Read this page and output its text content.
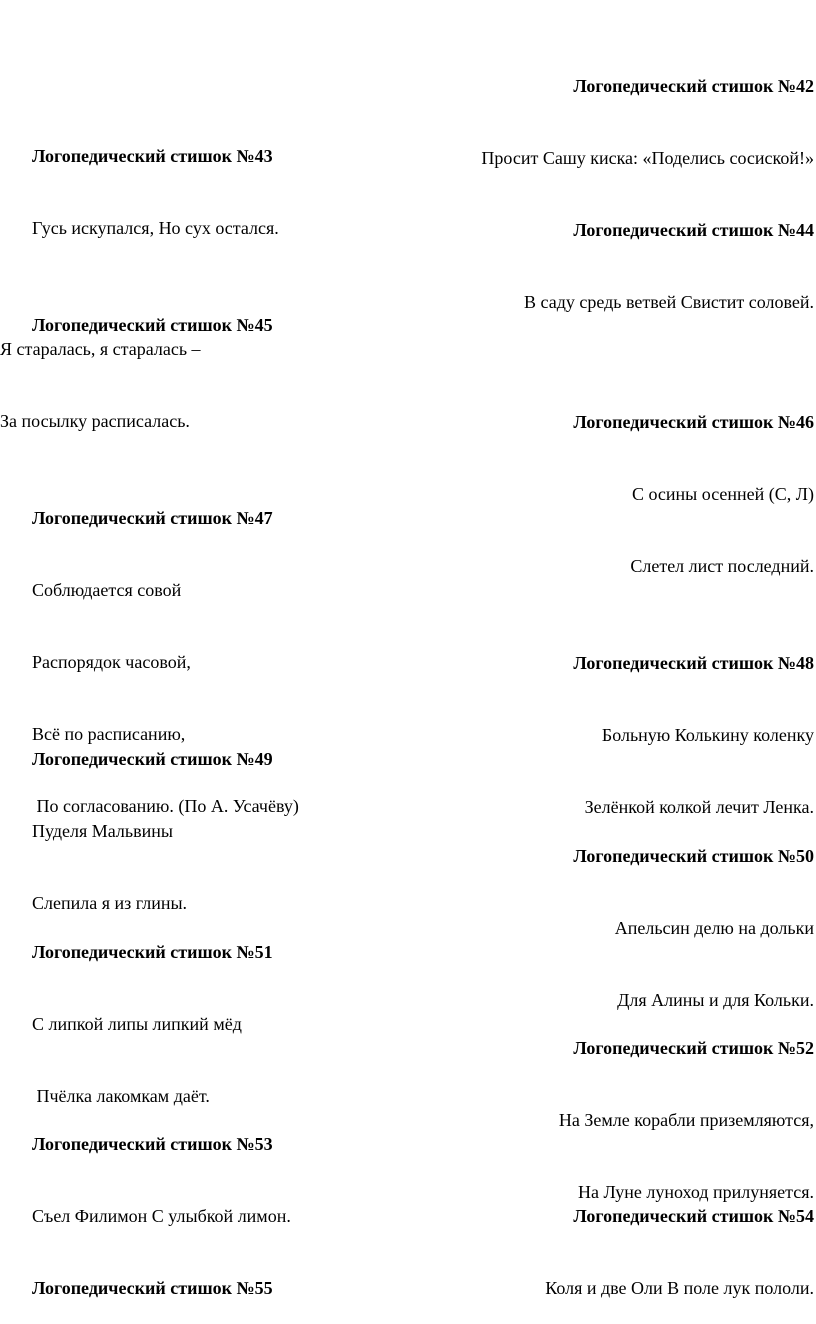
Логопедический стишок №42

Просит Сашу киска: «Поделись сосиской!»

Логопедический стишок №43

Гусь искупался, Но сух остался.

	Логопедический стишок №44

В саду средь ветвей Свистит соловей.

Логопедический стишок №45

Я старалась, я старалась –

За посылку расписалась.

	Логопедический стишок №46

С осины осенней (С, Л)

Слетел лист последний.

Логопедический стишок №47

Соблюдается совой

Распорядок часовой,

Всё по расписанию,

По согласованию. (По А. Усачёву)

Логопедический стишок №48

Больную Колькину коленку

Зелёнкой колкой лечит Ленка.

Логопедический стишок №49

Пуделя Мальвины

Слепила я из глины.

Логопедический стишок №50

Апельсин делю на дольки

Для Алины и для Кольки.

Логопедический стишок №51

С липкой липы липкий мёд

Пчёлка лакомкам даёт.

Логопедический стишок №52

На Земле корабли приземляются,

На Луне луноход прилуняется.

Логопедический стишок №53

Съел Филимон С улыбкой лимон.

	Логопедический стишок №54

Коля и две Оли В поле лук пололи.

Логопедический стишок №55
